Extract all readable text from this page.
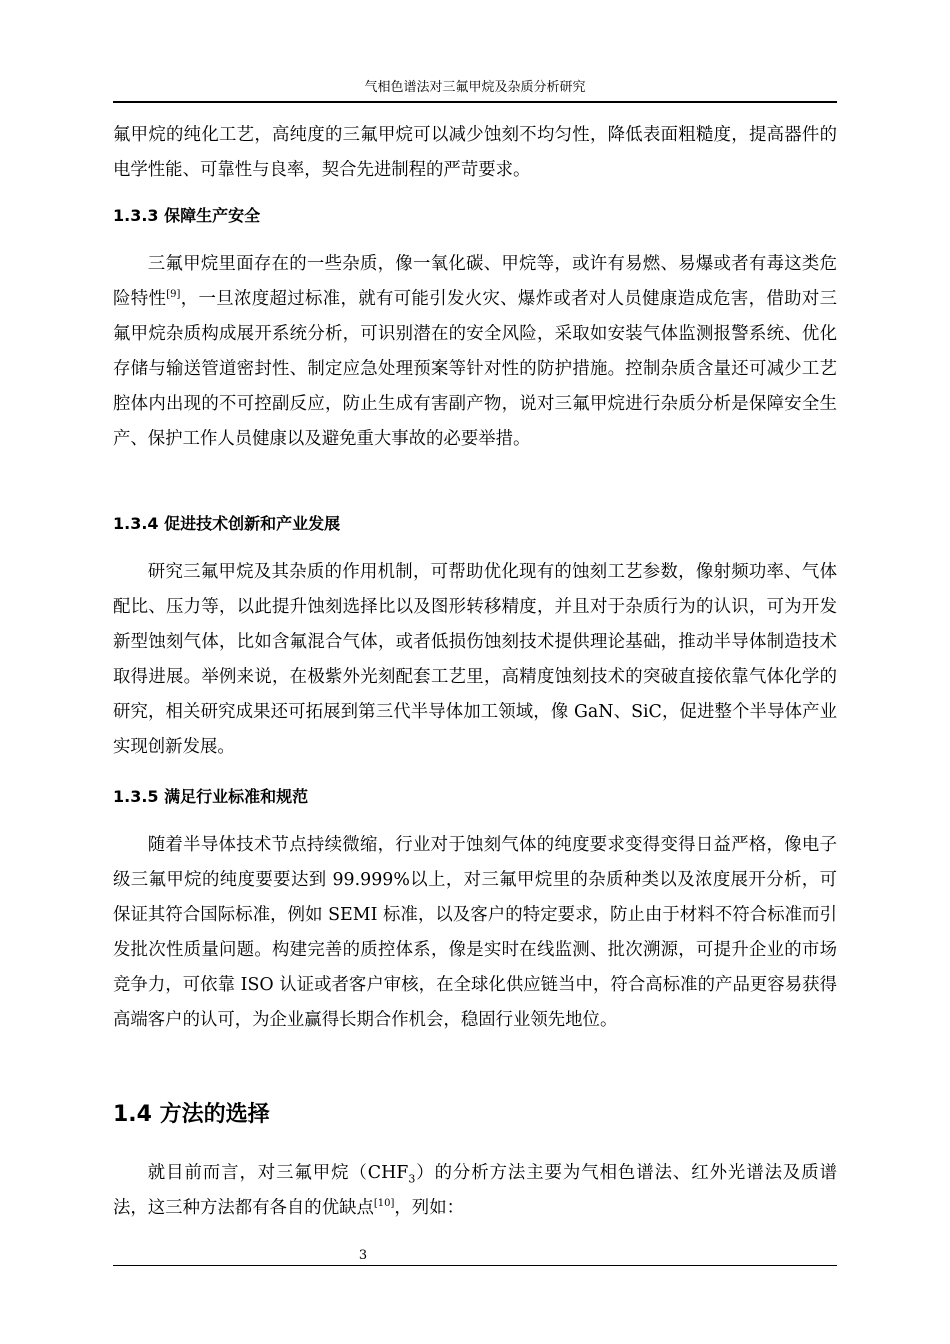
气相色谱法对三氟甲烷及杂质分析研究

氟甲烷的纯化工艺，高纯度的三氟甲烷可以减少蚀刻不均匀性，降低表面粗糙度，提高器件的电学性能、可靠性与良率，契合先进制程的严苛要求。

1.3.3 保障生产安全

三氟甲烷里面存在的一些杂质，像一氧化碳、甲烷等，或许有易燃、易爆或者有毒这类危险特性[9]，一旦浓度超过标准，就有可能引发火灾、爆炸或者对人员健康造成危害，借助对三氟甲烷杂质构成展开系统分析，可识别潜在的安全风险，采取如安装气体监测报警系统、优化存储与输送管道密封性、制定应急处理预案等针对性的防护措施。控制杂质含量还可减少工艺腔体内出现的不可控副反应，防止生成有害副产物，说对三氟甲烷进行杂质分析是保障安全生产、保护工作人员健康以及避免重大事故的必要举措。

1.3.4 促进技术创新和产业发展

研究三氟甲烷及其杂质的作用机制，可帮助优化现有的蚀刻工艺参数，像射频功率、气体配比、压力等，以此提升蚀刻选择比以及图形转移精度，并且对于杂质行为的认识，可为开发新型蚀刻气体，比如含氟混合气体，或者低损伤蚀刻技术提供理论基础，推动半导体制造技术取得进展。举例来说，在极紫外光刻配套工艺里，高精度蚀刻技术的突破直接依靠气体化学的研究，相关研究成果还可拓展到第三代半导体加工领域，像 GaN、SiC，促进整个半导体产业实现创新发展。

1.3.5 满足行业标准和规范

随着半导体技术节点持续微缩，行业对于蚀刻气体的纯度要求变得变得日益严格，像电子级三氟甲烷的纯度要要达到 99.999%以上，对三氟甲烷里的杂质种类以及浓度展开分析，可保证其符合国际标准，例如 SEMI 标准，以及客户的特定要求，防止由于材料不符合标准而引发批次性质量问题。构建完善的质控体系，像是实时在线监测、批次溯源，可提升企业的市场竞争力，可依靠 ISO 认证或者客户审核，在全球化供应链当中，符合高标准的产品更容易获得高端客户的认可，为企业赢得长期合作机会，稳固行业领先地位。

1.4 方法的选择

就目前而言，对三氟甲烷$(CHF_3)$的分析方法主要为气相色谱法、红外光谱法及质谱法，这三种方法都有各自的优缺点[10]，列如：

3
